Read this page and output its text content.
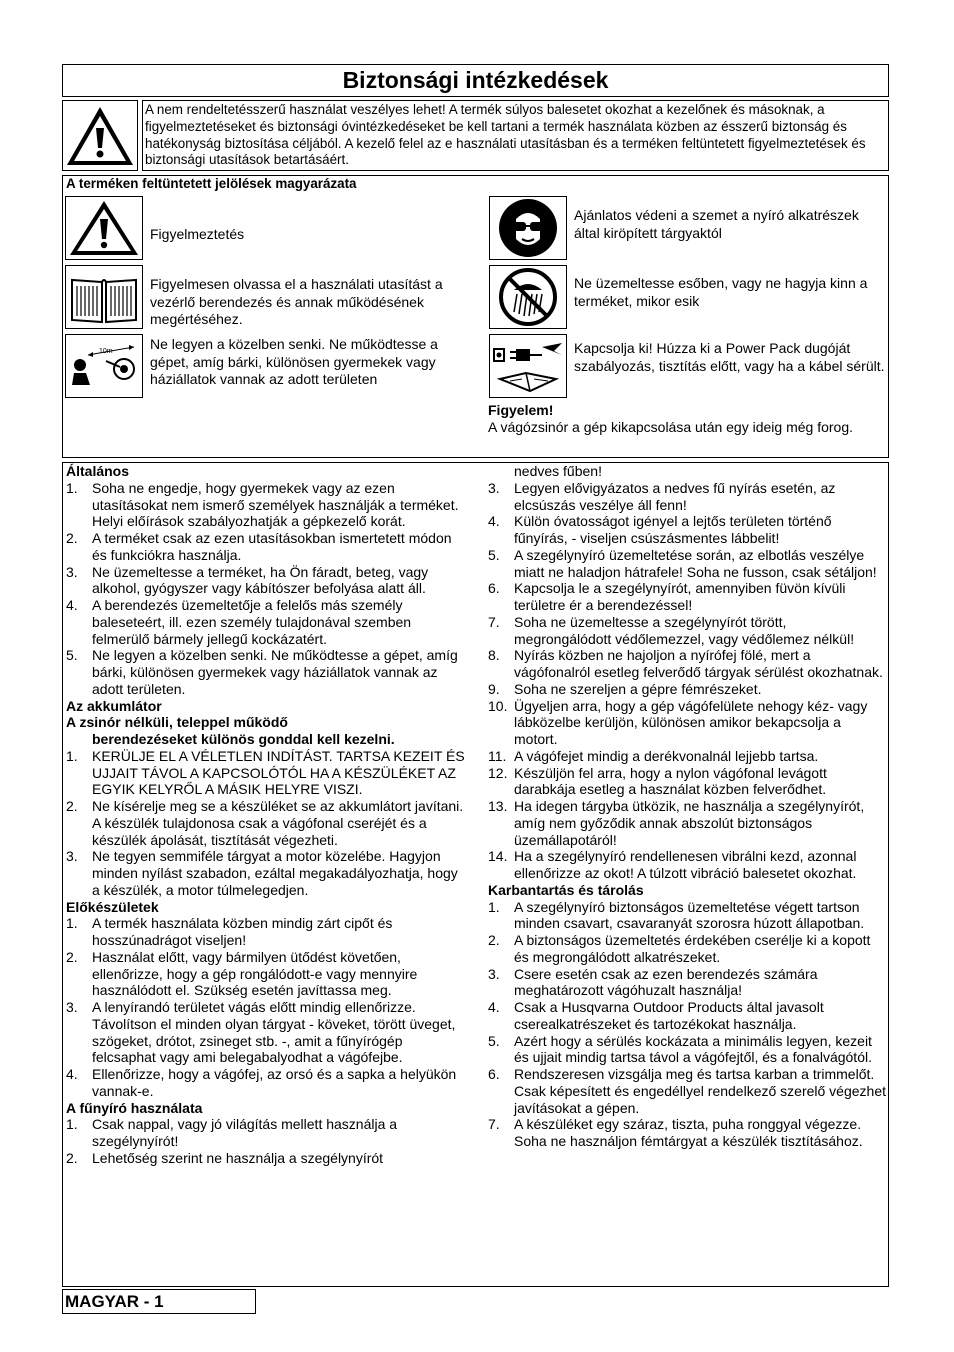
Biztonsági intézkedések
A nem rendeltetésszerű használat veszélyes lehet! A termék súlyos balesetet okozhat a kezelőnek és másoknak, a figyelmeztetéseket és biztonsági óvintézkedéseket be kell tartani a termék használata közben az ésszerű biztonság és hatékonyság biztosítása céljából. A kezelő felel az e használati utasításban és a terméken feltüntetett figyelmeztetések és biztonsági utasítások betartásáért.
A terméken feltüntetett jelölések magyarázata
Figyelmeztetés
Figyelmesen olvassa el a használati utasítást a vezérlő berendezés és annak működésének megértéséhez.
10m	Ne legyen a közelben senki. Ne működtesse a gépet, amíg bárki, különösen gyermekek vagy háziállatok vannak az adott területen
Ajánlatos védeni a szemet a nyíró alkatrészek által kiröpített tárgyaktól
Ne üzemeltesse esőben, vagy ne hagyja kinn a terméket, mikor esik
Kapcsolja ki! Húzza ki a Power Pack dugóját szabályozás, tisztítás előtt, vagy ha a kábel sérült.
Figyelem!
A vágózsinór a gép kikapcsolása után egy ideig még forog.
Általános
1.	Soha ne engedje, hogy gyermekek vagy az ezen utasításokat nem ismerő személyek használják a terméket. Helyi előírások szabályozhatják a gépkezelő korát.
2.	A terméket csak az ezen utasításokban ismertetett módon és funkciókra használja.
3.	Ne üzemeltesse a terméket, ha Ön fáradt, beteg, vagy alkohol, gyógyszer vagy kábítószer befolyása alatt áll.
4.	A berendezés üzemeltetője a felelős más személy baleseteért, ill. ezen személy tulajdonával szemben felmerülő bármely jellegű kockázatért.
5.	Ne legyen a közelben senki. Ne működtesse a gépet, amíg bárki, különösen gyermekek vagy háziállatok vannak az adott területen.
Az akkumlátor
A zsinór nélküli, teleppel működő
berendezéseket különös gonddal kell kezelni.
1.	KERÜLJE EL A VÉLETLEN INDÍTÁST. TARTSA KEZEIT ÉS UJJAIT TÁVOL A KAPCSOLÓTÓL HA A KÉSZÜLÉKET AZ EGYIK KELYRŐL A MÁSIK HELYRE VISZI.
2.	Ne kísérelje meg se a készüléket se az akkumlátort javítani. A készülék tulajdonosa csak a vágófonal cseréjét és a készülék ápolását, tisztítását végezheti.
3.	Ne tegyen semmiféle tárgyat a motor közelébe. Hagyjon minden nyílást szabadon, ezáltal megakadályozhatja, hogy a készülék, a motor túlmelegedjen.
Előkészületek
1.	A termék használata közben mindig zárt cipőt és hosszúnadrágot viseljen!
2.	Használat előtt, vagy bármilyen ütődést követően, ellenőrizze, hogy a gép rongálódott-e vagy mennyire használódott el. Szükség esetén javíttassa meg.
3.	A lenyírandó területet vágás előtt mindig ellenőrizze. Távolítson el minden olyan tárgyat - köveket, törött üveget, szögeket, drótot, zsineget stb. -, amit a fűnyírógép felcsaphat vagy ami belegabalyodhat a vágófejbe.
4.	Ellenőrizze, hogy a vágófej, az orsó és a sapka a helyükön vannak-e.
A fűnyíró használata
1.	Csak nappal, vagy jó világítás mellett használja a szegélynyírót!
2.	Lehetőség szerint ne használja a szegélynyírót
nedves fűben!
3.	Legyen elővigyázatos a nedves fű nyírás esetén, az elcsúszás veszélye áll fenn!
4.	Külön óvatosságot igényel a lejtős területen történő fűnyírás, - viseljen csúszásmentes lábbelit!
5.	A szegélynyíró üzemeltetése során, az elbotlás veszélye miatt ne haladjon hátrafele! Soha ne fusson, csak sétáljon!
6.	Kapcsolja le a szegélynyírót, amennyiben füvön kívüli területre ér a berendezéssel!
7.	Soha ne üzemeltesse a szegélynyírót törött, megrongálódott védőlemezzel, vagy védőlemez nélkül!
8.	Nyírás közben ne hajoljon a nyírófej fölé, mert a vágófonalról esetleg felverődő tárgyak sérülést okozhatnak.
9.	Soha ne szereljen a gépre fémrészeket.
10. Ügyeljen arra, hogy a gép vágófelülete nehogy kéz- vagy lábközelbe kerüljön, különösen amikor bekapcsolja a motort.
11. A vágófejet mindig a derékvonalnál lejjebb tartsa.
12. Készüljön fel arra, hogy a nylon vágófonal levágott darabkája esetleg a használat közben felverődhet.
13. Ha idegen tárgyba ütközik, ne használja a szegélynyírót, amíg nem győződik annak abszolút biztonságos üzemállapotáról!
14. Ha a szegélynyíró rendellenesen vibrálni kezd, azonnal ellenőrizze az okot! A túlzott vibráció balesetet okozhat.
Karbantartás és tárolás
1.	A szegélynyíró biztonságos üzemeltetése végett tartson minden csavart, csavaranyát szorosra húzott állapotban.
2.	A biztonságos üzemeltetés érdekében cserélje ki a kopott és megrongálódott alkatrészeket.
3.	Csere esetén csak az ezen berendezés számára meghatározott vágóhuzalt használja!
4.	Csak a Husqvarna Outdoor Products által javasolt cserealkatrészeket és tartozékokat használja.
5.	Azért hogy a sérülés kockázata a minimális legyen, kezeit és ujjait mindig tartsa távol a vágófejtől, és a fonalvágótól.
6.	Rendszeresen vizsgálja meg és tartsa karban a trimmelőt. Csak képesített és engedéllyel rendelkező szerelő végezhet javításokat a gépen.
7.	A készüléket egy száraz, tiszta, puha ronggyal végezze. Soha ne használjon fémtárgyat a készülék tisztításához.
MAGYAR - 1
